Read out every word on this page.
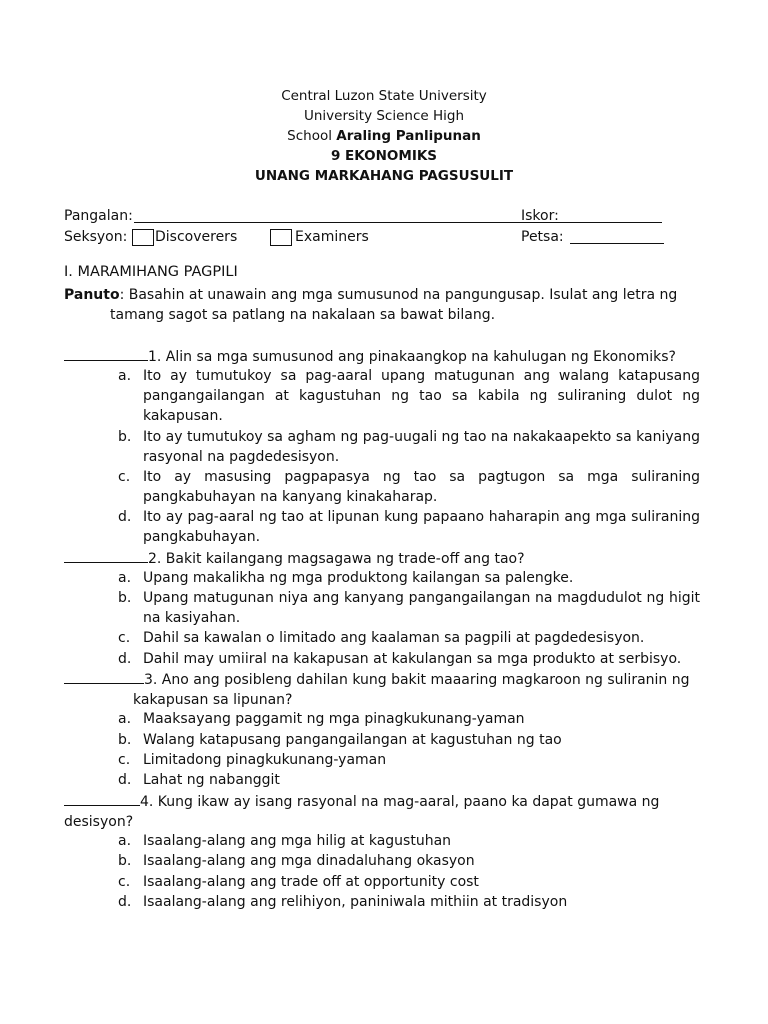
Central Luzon State University
University Science High
School Araling Panlipunan
9 EKONOMIKS
UNANG MARKAHANG PAGSUSULIT
Pangalan:	Iskor:
Seksyon: Discoverers	Examiners	Petsa:
I. MARAMIHANG PAGPILI
Panuto: Basahin at unawain ang mga sumusunod na pangungusap. Isulat ang letra ng
tamang sagot sa patlang na nakalaan sa bawat bilang.
1. Alin sa mga sumusunod ang pinakaangkop na kahulugan ng Ekonomiks?
a. Ito ay tumutukoy sa pag-aaral upang matugunan ang walang katapusang pangangailangan at kagustuhan ng tao sa kabila ng suliraning dulot ng kakapusan.
b. Ito ay tumutukoy sa agham ng pag-uugali ng tao na nakakaapekto sa kaniyang rasyonal na pagdedesisyon.
c. Ito ay masusing pagpapasya ng tao sa pagtugon sa mga suliraning pangkabuhayan na kanyang kinakaharap.
d. Ito ay pag-aaral ng tao at lipunan kung papaano haharapin ang mga suliraning pangkabuhayan.
2. Bakit kailangang magsagawa ng trade-off ang tao?
a. Upang makalikha ng mga produktong kailangan sa palengke.
b. Upang matugunan niya ang kanyang pangangailangan na magdudulot ng higit na kasiyahan.
c. Dahil sa kawalan o limitado ang kaalaman sa pagpili at pagdedesisyon.
d. Dahil may umiiral na kakapusan at kakulangan sa mga produkto at serbisyo.
3. Ano ang posibleng dahilan kung bakit maaaring magkaroon ng suliranin ng
kakapusan sa lipunan?
a. Maaksayang paggamit ng mga pinagkukunang-yaman
b. Walang katapusang pangangailangan at kagustuhan ng tao
c. Limitadong pinagkukunang-yaman
d. Lahat ng nabanggit
4. Kung ikaw ay isang rasyonal na mag-aaral, paano ka dapat gumawa ng
desisyon?
a. Isaalang-alang ang mga hilig at kagustuhan
b. Isaalang-alang ang mga dinadaluhang okasyon
c. Isaalang-alang ang trade off at opportunity cost
d. Isaalang-alang ang relihiyon, paniniwala mithiin at tradisyon
